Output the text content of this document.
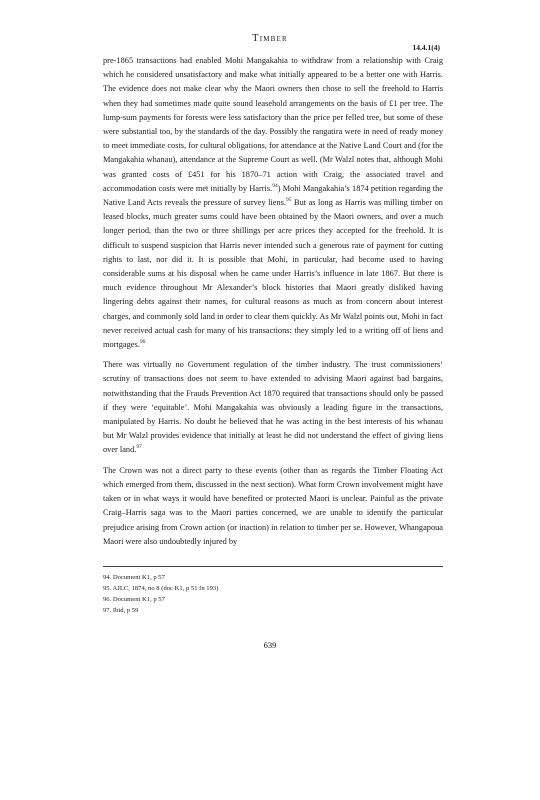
Timber
14.4.1(4)

pre-1865 transactions had enabled Mohi Mangakahia to withdraw from a relationship with Craig which he considered unsatisfactory and make what initially appeared to be a better one with Harris. The evidence does not make clear why the Maori owners then chose to sell the freehold to Harris when they had sometimes made quite sound leasehold arrangements on the basis of £1 per tree. The lump-sum payments for forests were less satisfactory than the price per felled tree, but some of these were substantial too, by the standards of the day. Possibly the rangatira were in need of ready money to meet immediate costs, for cultural obligations, for attendance at the Native Land Court and (for the Mangakahia whanau), attendance at the Supreme Court as well. (Mr Walzl notes that, although Mohi was granted costs of £451 for his 1870–71 action with Craig, the associated travel and accommodation costs were met initially by Harris.$^{94}$) Mohi Mangakahia’s 1874 petition regarding the Native Land Acts reveals the pressure of survey liens.$^{95}$ But as long as Harris was milling timber on leased blocks, much greater sums could have been obtained by the Maori owners, and over a much longer period, than the two or three shillings per acre prices they accepted for the freehold. It is difficult to suspend suspicion that Harris never intended such a generous rate of payment for cutting rights to last, nor did it. It is possible that Mohi, in particular, had become used to having considerable sums at his disposal when he came under Harris’s influence in late 1867. But there is much evidence throughout Mr Alexander’s block histories that Maori greatly disliked having lingering debts against their names, for cultural reasons as much as from concern about interest charges, and commonly sold land in order to clear them quickly. As Mr Walzl points out, Mohi in fact never received actual cash for many of his transactions: they simply led to a writing off of liens and mortgages.$^{96}$

There was virtually no Government regulation of the timber industry. The trust commissioners’ scrutiny of transactions does not seem to have extended to advising Maori against bad bargains, notwithstanding that the Frauds Prevention Act 1870 required that transactions should only be passed if they were ‘equitable’. Mohi Mangakahia was obviously a leading figure in the transactions, manipulated by Harris. No doubt he believed that he was acting in the best interests of his whanau but Mr Walzl provides evidence that initially at least he did not understand the effect of giving liens over land.$^{97}$

The Crown was not a direct party to these events (other than as regards the Timber Floating Act which emerged from them, discussed in the next section). What form Crown involvement might have taken or in what ways it would have benefited or protected Maori is unclear. Painful as the private Craig–Harris saga was to the Maori parties concerned, we are unable to identify the particular prejudice arising from Crown action (or inaction) in relation to timber per se. However, Whangapoua Maori were also undoubtedly injured by

94. Document K1, p 57
95. AJLC, 1874, no 8 (doc K1, p 51 fn 193)
96. Document K1, p 57
97. Ibid, p 59
639
